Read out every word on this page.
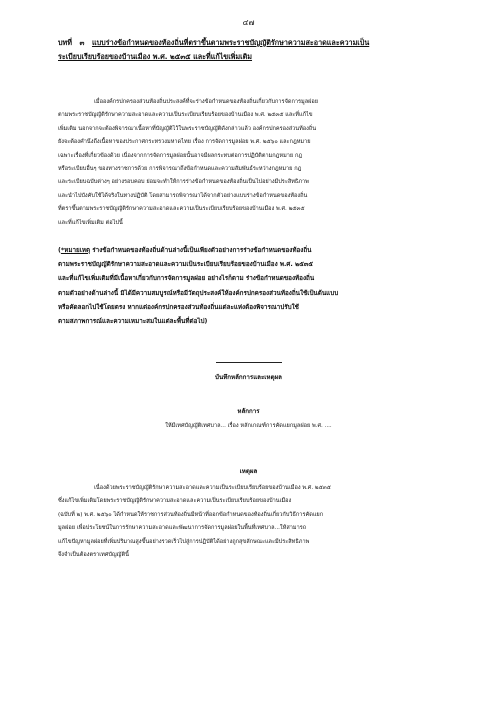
๔๗
บทที่   ๓   แบบร่างข้อกำหนดของท้องถิ่นที่ตราขึ้นตามพระราชบัญญัติรักษาความสะอาดและความเป็น
ระเบียบเรียบร้อยของบ้านเมือง พ.ศ. ๒๕๓๕ และที่แก้ไขเพิ่มเติม

เมื่อองค์กรปกครองส่วนท้องถิ่นประสงค์ที่จะร่างข้อกำหนดของท้องถิ่นเกี่ยวกับการจัดการมูลฝอย

ตามพระราชบัญญัติรักษาความสะอาดและความเป็นระเบียบเรียบร้อยของบ้านเมือง พ.ศ. ๒๕๓๕ และที่แก้ไข

เพิ่มเติม นอกจากจะต้องพิจารณาเนื้อหาที่บัญญัติไว้ในพระราชบัญญัติดังกล่าวแล้ว องค์กรปกครองส่วนท้องถิ่น

ยังจะต้องคำนึงถึงเนื้อหาของประกาศกระทรวงมหาดไทย เรื่อง การจัดการมูลฝอย พ.ศ. ๒๕๖๐ และกฎหมาย

เฉพาะเรื่องที่เกี่ยวข้องด้วย เนื่องจากการจัดการมูลฝอยนั้นอาจมีผลกระทบต่อการปฏิบัติตามกฎหมาย กฎ

หรือระเบียบอื่นๆ ของทางราชการด้วย การพิจารณาถึงข้อกำหนดและความสัมพันธ์ระหว่างกฎหมาย กฎ

และระเบียบฉบับต่างๆ อย่างรอบคอบ ย่อมจะทำให้การร่างข้อกำหนดของท้องถิ่นเป็นไปอย่างมีประสิทธิภาพ

และนำไปบังคับใช้ได้จริงในทางปฏิบัติ โดยสามารถพิจารณาได้จากตัวอย่างแบบร่างข้อกำหนดของท้องถิ่น

ที่ตราขึ้นตามพระราชบัญญัติรักษาความสะอาดและความเป็นระเบียบเรียบร้อยของบ้านเมือง พ.ศ. ๒๕๓๕

และที่แก้ไขเพิ่มเติม ต่อไปนี้

(*หมายเหตุ ร่างข้อกำหนดของท้องถิ่นด้านล่างนี้เป็นเพียงตัวอย่างการร่างข้อกำหนดของท้องถิ่น

ตามพระราชบัญญัติรักษาความสะอาดและความเป็นระเบียบเรียบร้อยของบ้านเมือง พ.ศ. ๒๕๓๕

และที่แก้ไขเพิ่มเติมที่มีเนื้อหาเกี่ยวกับการจัดการมูลฝอย อย่างไรก็ตาม ร่างข้อกำหนดของท้องถิ่น

ตามตัวอย่างด้านล่างนี้ มิได้มีความสมบูรณ์หรือมีวัตถุประสงค์ให้องค์กรปกครองส่วนท้องถิ่นใช้เป็นต้นแบบ

หรือคัดลอกไปใช้โดยตรง หากแต่องค์กรปกครองส่วนท้องถิ่นแต่ละแห่งต้องพิจารณาปรับใช้

ตามสภาพการณ์และความเหมาะสมในแต่ละพื้นที่ต่อไป)

บันทึกหลักการและเหตุผล
หลักการ
ให้มีเทศบัญญัติเทศบาล... เรื่อง หลักเกณฑ์การคัดแยกมูลฝอย พ.ศ. ....
เหตุผล

เนื่องด้วยพระราชบัญญัติรักษาความสะอาดและความเป็นระเบียบเรียบร้อยของบ้านเมือง พ.ศ. ๒๕๓๕

ซึ่งแก้ไขเพิ่มเติมโดยพระราชบัญญัติรักษาความสะอาดและความเป็นระเบียบเรียบร้อยของบ้านเมือง

(ฉบับที่ ๒) พ.ศ. ๒๕๖๐ ได้กำหนดให้ราชการส่วนท้องถิ่นมีหน้าที่ออกข้อกำหนดของท้องถิ่นเกี่ยวกับวิธีการคัดแยก

มูลฝอย เพื่อประโยชน์ในการรักษาความสะอาดและพัฒนาการจัดการมูลฝอยในพื้นที่เทศบาล...ให้สามารถ

แก้ไขปัญหามูลฝอยที่เพิ่มปริมาณสูงขึ้นอย่างรวดเร็วไปสู่การปฏิบัติได้อย่างถูกสุขลักษณะและมีประสิทธิภาพ

จึงจำเป็นต้องตราเทศบัญญัตินี้
